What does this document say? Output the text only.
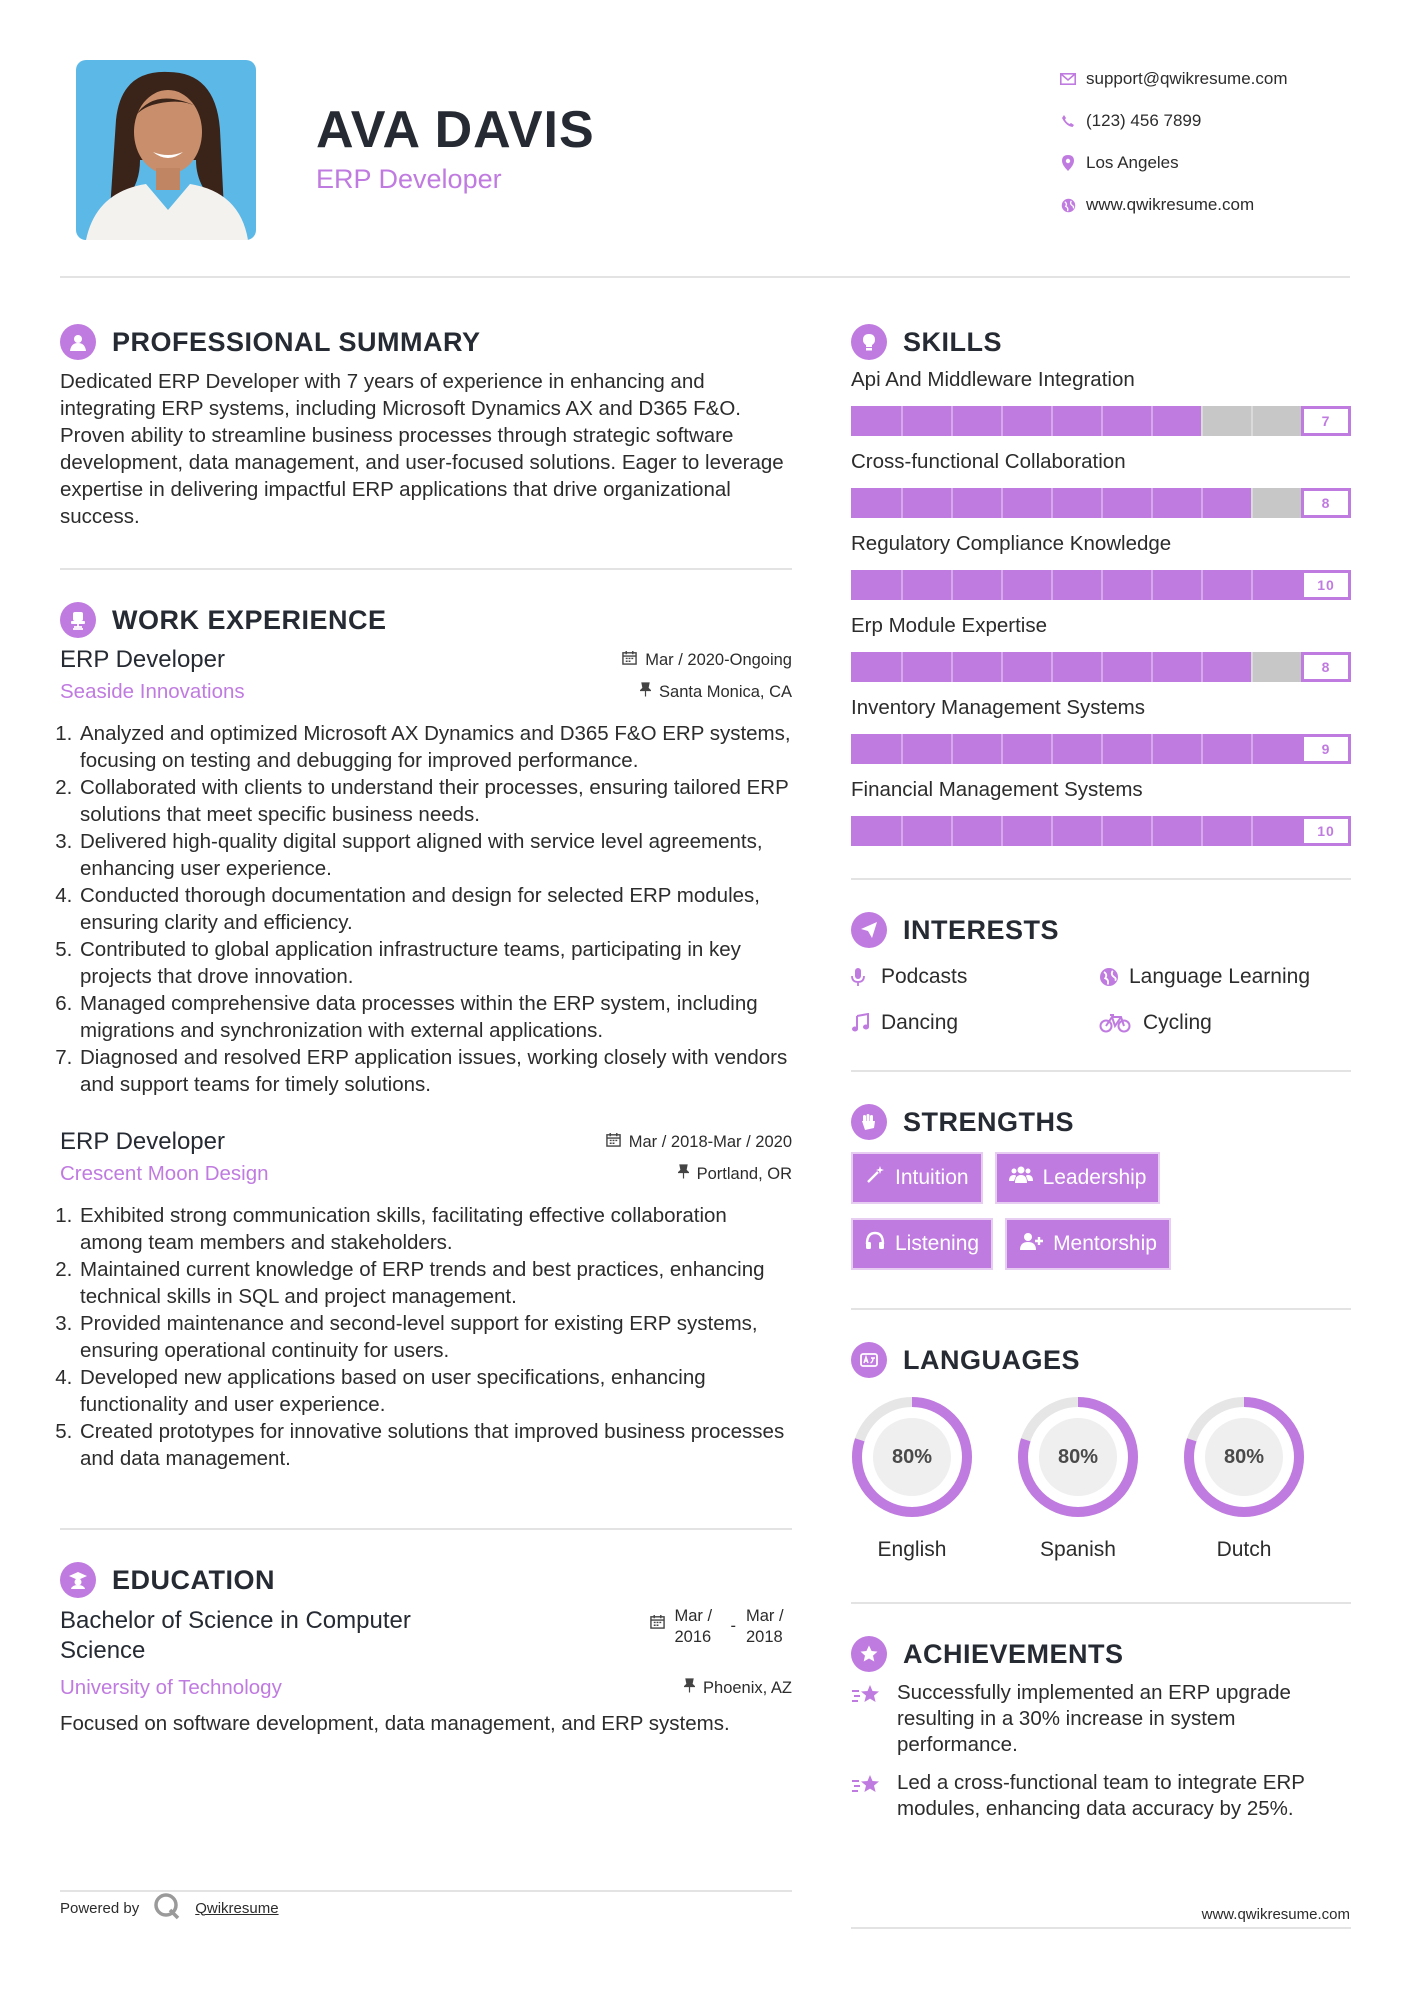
AVA DAVIS
ERP Developer
support@qwikresume.com
(123) 456 7899
Los Angeles
www.qwikresume.com
PROFESSIONAL SUMMARY

Dedicated ERP Developer with 7 years of experience in enhancing and integrating ERP systems, including Microsoft Dynamics AX and D365 F&O. Proven ability to streamline business processes through strategic software development, data management, and user-focused solutions. Eager to leverage expertise in delivering impactful ERP applications that drive organizational success.

WORK EXPERIENCE
ERP Developer	Mar / 2020-Ongoing
Seaside Innovations	Santa Monica, CA
1. Analyzed and optimized Microsoft AX Dynamics and D365 F&O ERP systems, focusing on testing and debugging for improved performance.
2. Collaborated with clients to understand their processes, ensuring tailored ERP solutions that meet specific business needs.
3. Delivered high-quality digital support aligned with service level agreements, enhancing user experience.
4. Conducted thorough documentation and design for selected ERP modules, ensuring clarity and efficiency.
5. Contributed to global application infrastructure teams, participating in key projects that drove innovation.
6. Managed comprehensive data processes within the ERP system, including migrations and synchronization with external applications.
7. Diagnosed and resolved ERP application issues, working closely with vendors and support teams for timely solutions.
ERP Developer	Mar / 2018-Mar / 2020
Crescent Moon Design	Portland, OR
1. Exhibited strong communication skills, facilitating effective collaboration among team members and stakeholders.
2. Maintained current knowledge of ERP trends and best practices, enhancing technical skills in SQL and project management.
3. Provided maintenance and second-level support for existing ERP systems, ensuring operational continuity for users.
4. Developed new applications based on user specifications, enhancing functionality and user experience.
5. Created prototypes for innovative solutions that improved business processes and data management.
EDUCATION
Bachelor of Science in Computer Science
Mar / 2016
-
Mar / 2018
University of Technology	Phoenix, AZ

Focused on software development, data management, and ERP systems.

SKILLS
Api And Middleware Integration
7
Cross-functional Collaboration
8
Regulatory Compliance Knowledge
10
Erp Module Expertise
8
Inventory Management Systems
9
Financial Management Systems
10
INTERESTS
Podcasts	Language Learning
Dancing	Cycling
STRENGTHS
Intuition	Leadership
Listening	Mentorship
LANGUAGES
80%
English
80%
Spanish
80%
Dutch
ACHIEVEMENTS
Successfully implemented an ERP upgrade resulting in a 30% increase in system performance.
Led a cross-functional team to integrate ERP modules, enhancing data accuracy by 25%.
Powered by	Qwikresume	www.qwikresume.com
